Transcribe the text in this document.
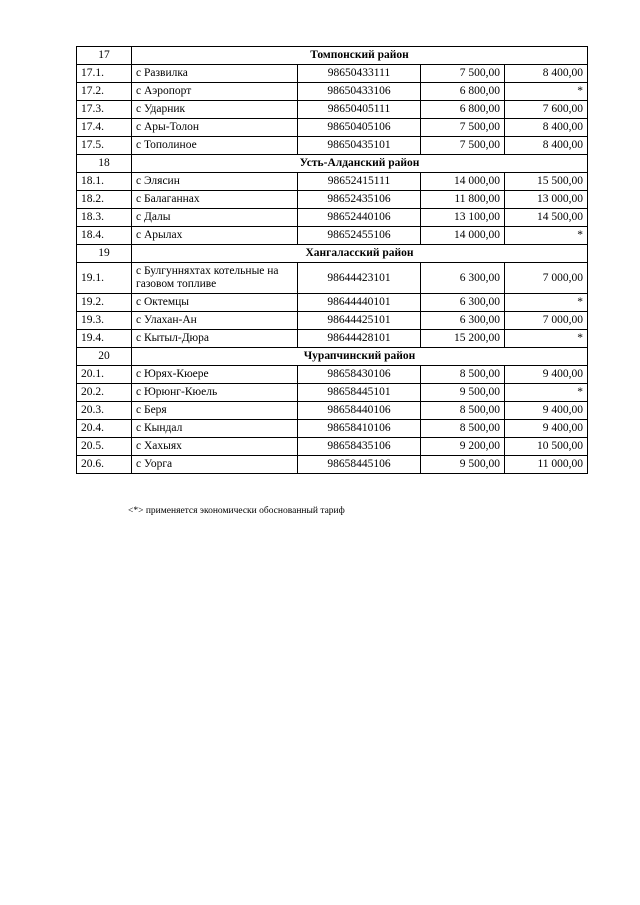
17	Томпонский район			
17.1.	с Развилка	98650433111	7 500,00	8 400,00
17.2.	с Аэропорт	98650433106	6 800,00	*
17.3.	с Ударник	98650405111	6 800,00	7 600,00
17.4.	с Ары-Толон	98650405106	7 500,00	8 400,00
17.5.	с Тополиное	98650435101	7 500,00	8 400,00
18	Усть-Алданский район			
18.1.	с Элясин	98652415111	14 000,00	15 500,00
18.2.	с Балаганнах	98652435106	11 800,00	13 000,00
18.3.	с Далы	98652440106	13 100,00	14 500,00
18.4.	с Арылах	98652455106	14 000,00	*
19	Хангаласский район			
19.1.	с Булгунняхтах котельные на газовом топливе	98644423101	6 300,00	7 000,00
19.2.	с Октемцы	98644440101	6 300,00	*
19.3.	с Улахан-Ан	98644425101	6 300,00	7 000,00
19.4.	с Кытыл-Дюра	98644428101	15 200,00	*
20	Чурапчинский район			
20.1.	с Юрях-Кюере	98658430106	8 500,00	9 400,00
20.2.	с Юрюнг-Кюель	98658445101	9 500,00	*
20.3.	с Беря	98658440106	8 500,00	9 400,00
20.4.	с Кындал	98658410106	8 500,00	9 400,00
20.5.	с Хахыях	98658435106	9 200,00	10 500,00
20.6.	с Уорга	98658445106	9 500,00	11 000,00
<*> применяется экономически обоснованный тариф
